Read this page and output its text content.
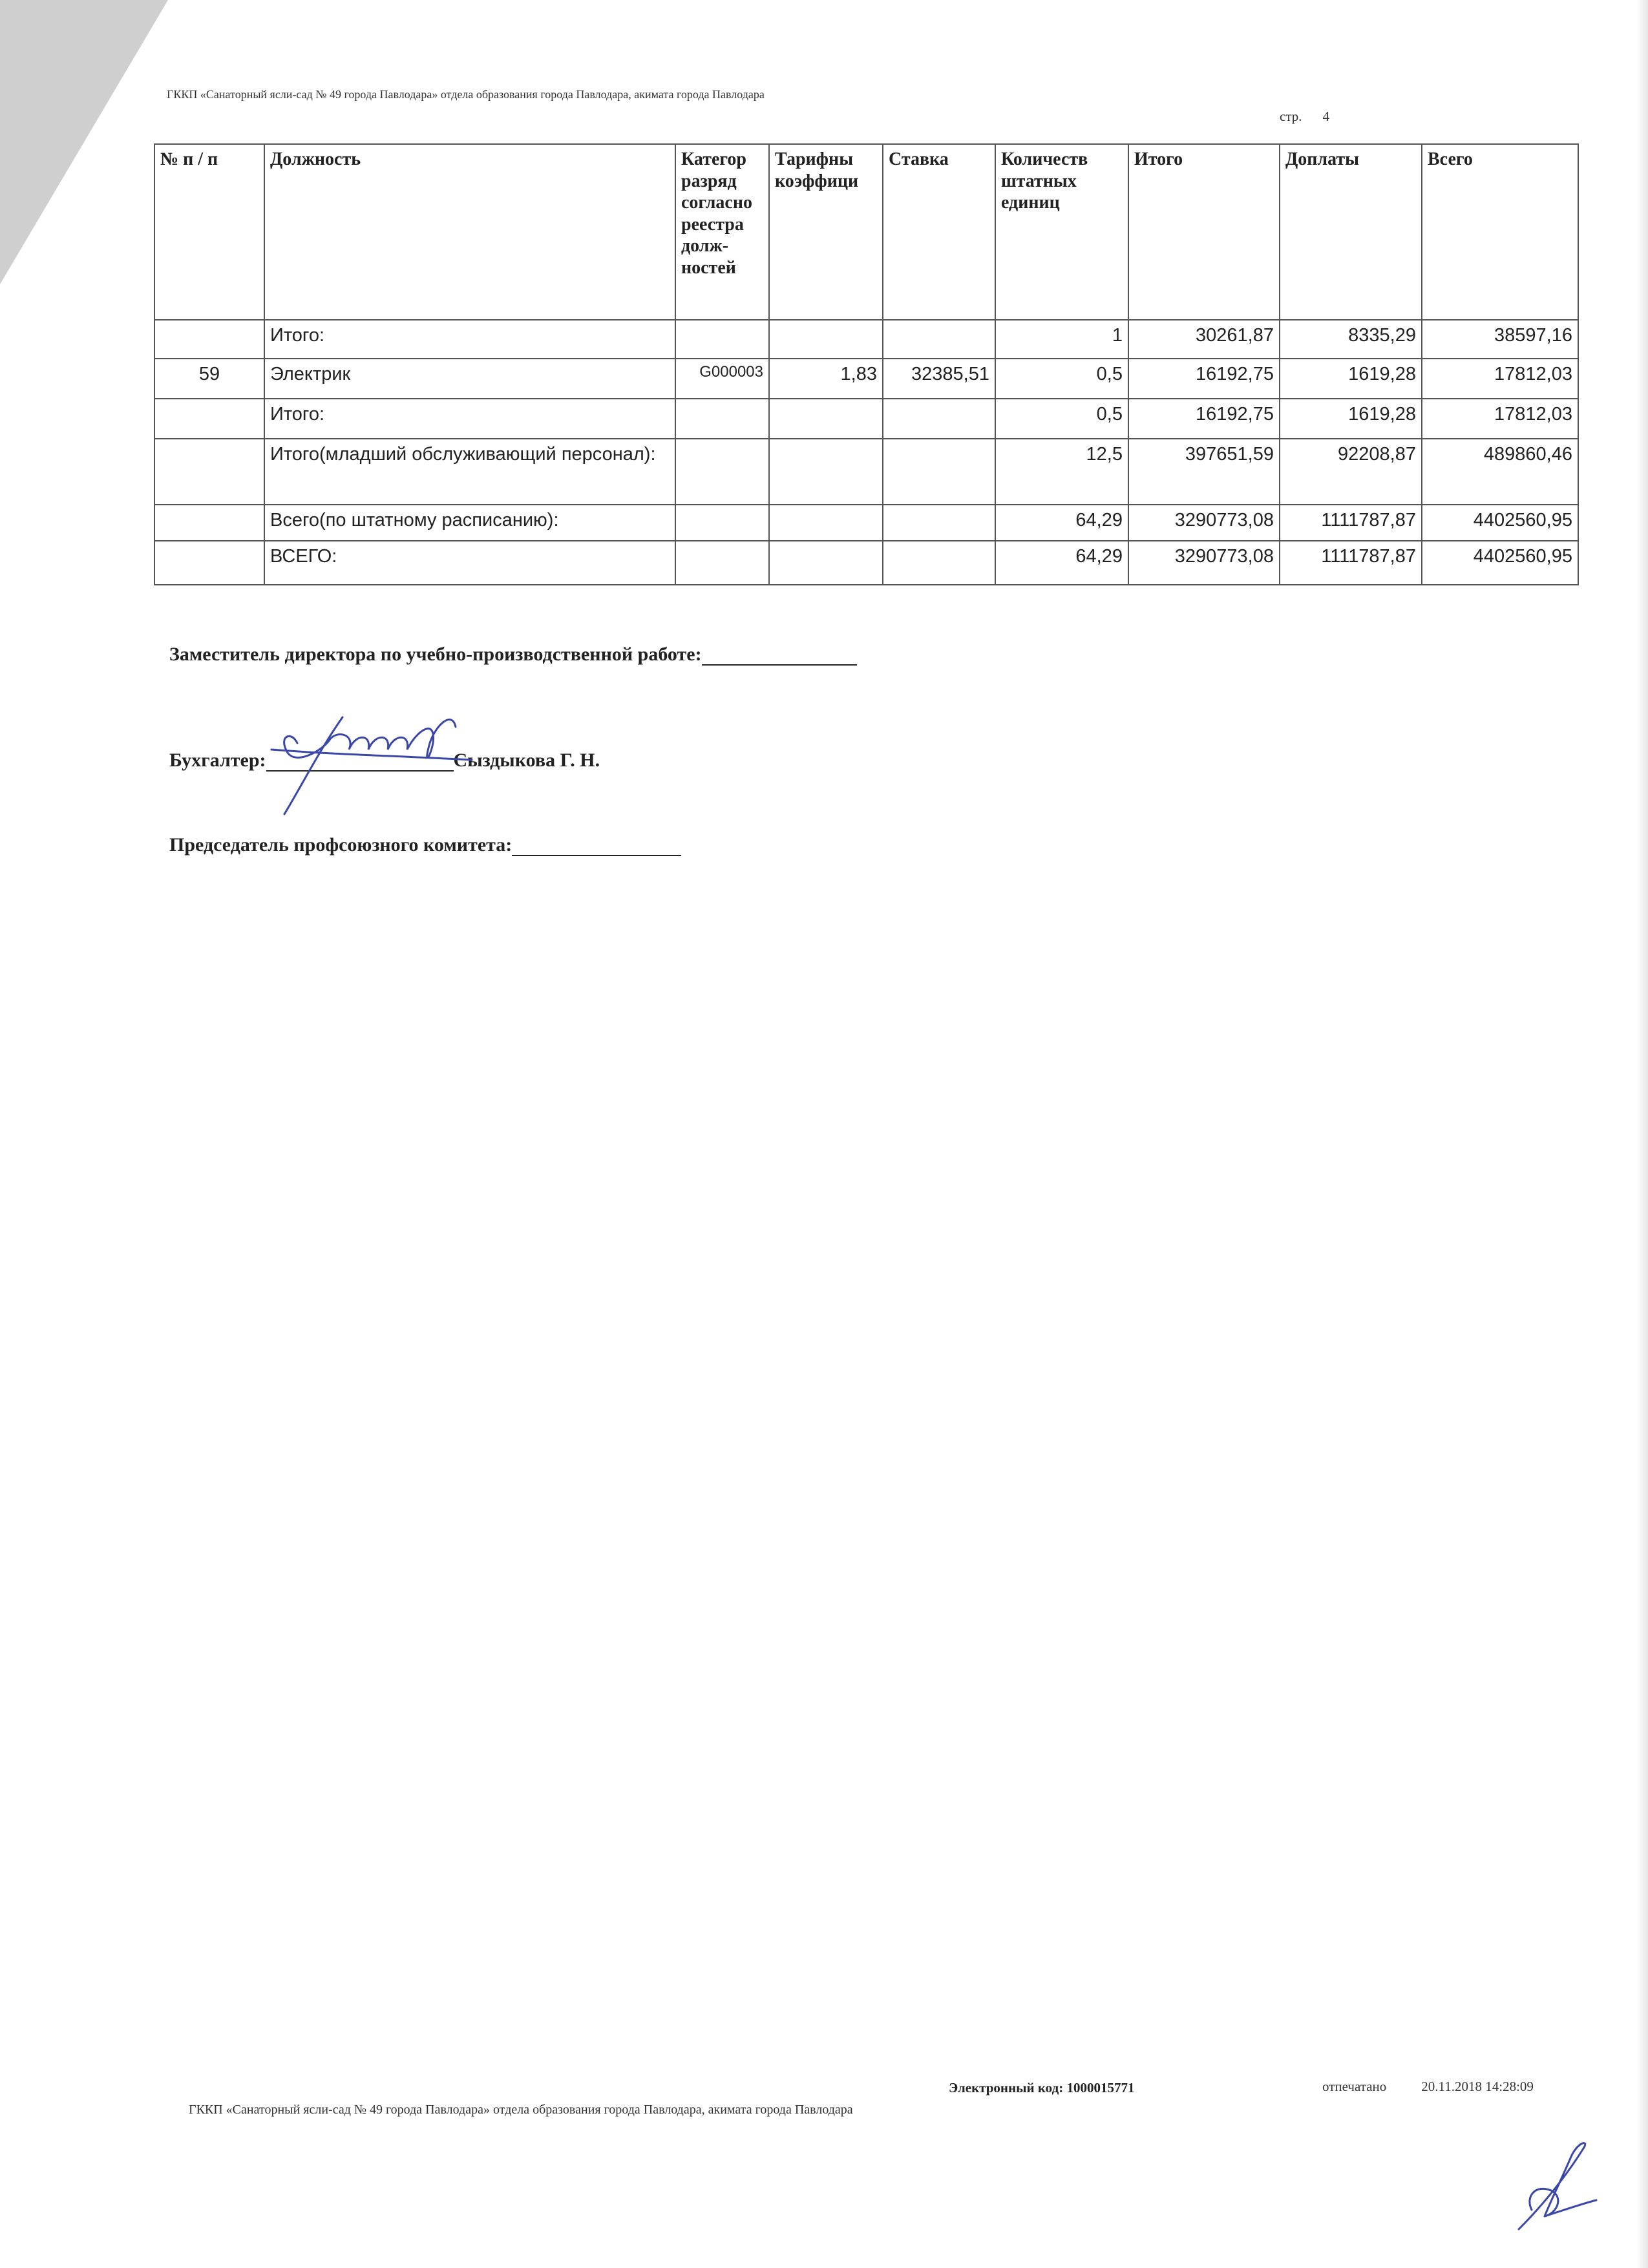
ГККП «Санаторный ясли-сад № 49 города Павлодара» отдела образования города Павлодара, акимата города Павлодара
стр. 4
№ п / п	Должность	Категор разряд согласно реестра долж-ностей	Тарифны коэффици	Ставка	Количеств штатных единиц	Итого	Доплаты	Всего
	Итого:				1	30261,87	8335,29	38597,16
59	Электрик	G000003	1,83	32385,51	0,5	16192,75	1619,28	17812,03
	Итого:				0,5	16192,75	1619,28	17812,03
	Итого(младший обслуживающий персонал):				12,5	397651,59	92208,87	489860,46
	Всего(по штатному расписанию):				64,29	3290773,08	1111787,87	4402560,95
	ВСЕГО:				64,29	3290773,08	1111787,87	4402560,95
Заместитель директора по учебно-производственной работе:
Бухгалтер:	Сыздыкова Г. Н.
Председатель профсоюзного комитета:
Электронный код: 1000015771	отпечатано	20.11.2018 14:28:09
ГККП «Санаторный ясли-сад № 49 города Павлодара» отдела образования города Павлодара, акимата города Павлодара
